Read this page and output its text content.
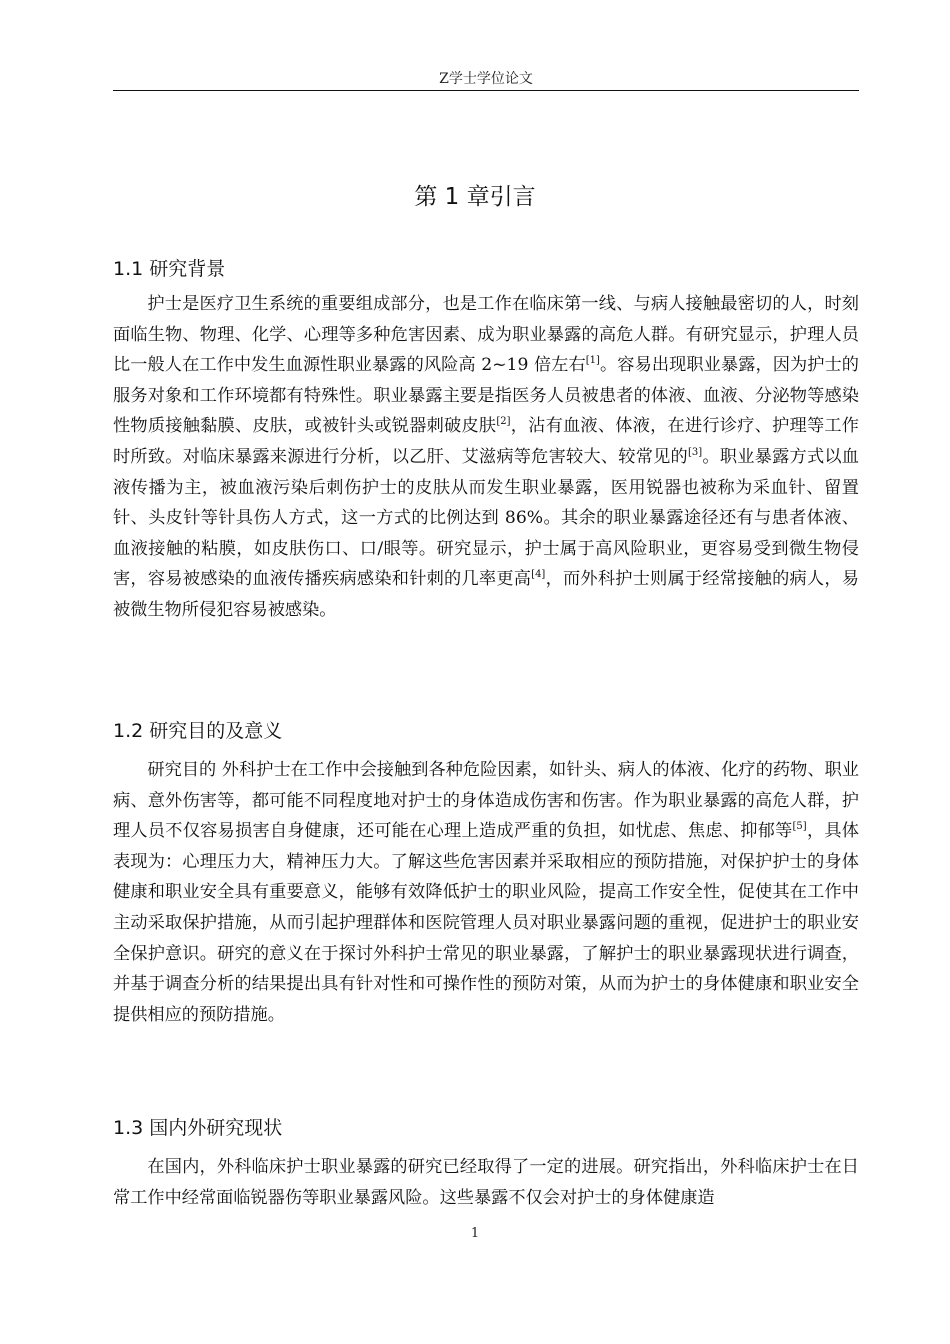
Z学士学位论文
第 1 章引言
1.1 研究背景

护士是医疗卫生系统的重要组成部分，也是工作在临床第一线、与病人接触最密切的人，时刻面临生物、物理、化学、心理等多种危害因素、成为职业暴露的高危人群。有研究显示，护理人员比一般人在工作中发生血源性职业暴露的风险高 2~19 倍左右[1]。容易出现职业暴露，因为护士的服务对象和工作环境都有特殊性。职业暴露主要是指医务人员被患者的体液、血液、分泌物等感染性物质接触黏膜、皮肤，或被针头或锐器刺破皮肤[2]，沾有血液、体液，在进行诊疗、护理等工作时所致。对临床暴露来源进行分析，以乙肝、艾滋病等危害较大、较常见的[3]。职业暴露方式以血液传播为主，被血液污染后刺伤护士的皮肤从而发生职业暴露，医用锐器也被称为采血针、留置针、头皮针等针具伤人方式，这一方式的比例达到 86%。其余的职业暴露途径还有与患者体液、血液接触的粘膜，如皮肤伤口、口/眼等。研究显示，护士属于高风险职业，更容易受到微生物侵害，容易被感染的血液传播疾病感染和针刺的几率更高[4]，而外科护士则属于经常接触的病人，易被微生物所侵犯容易被感染。

1.2 研究目的及意义

研究目的 外科护士在工作中会接触到各种危险因素，如针头、病人的体液、化疗的药物、职业病、意外伤害等，都可能不同程度地对护士的身体造成伤害和伤害。作为职业暴露的高危人群，护理人员不仅容易损害自身健康，还可能在心理上造成严重的负担，如忧虑、焦虑、抑郁等[5]，具体表现为：心理压力大，精神压力大。了解这些危害因素并采取相应的预防措施，对保护护士的身体健康和职业安全具有重要意义，能够有效降低护士的职业风险，提高工作安全性，促使其在工作中主动采取保护措施，从而引起护理群体和医院管理人员对职业暴露问题的重视，促进护士的职业安全保护意识。研究的意义在于探讨外科护士常见的职业暴露，了解护士的职业暴露现状进行调查，并基于调查分析的结果提出具有针对性和可操作性的预防对策，从而为护士的身体健康和职业安全提供相应的预防措施。

1.3 国内外研究现状

在国内，外科临床护士职业暴露的研究已经取得了一定的进展。研究指出，外科临床护士在日常工作中经常面临锐器伤等职业暴露风险。这些暴露不仅会对护士的身体健康造

1
